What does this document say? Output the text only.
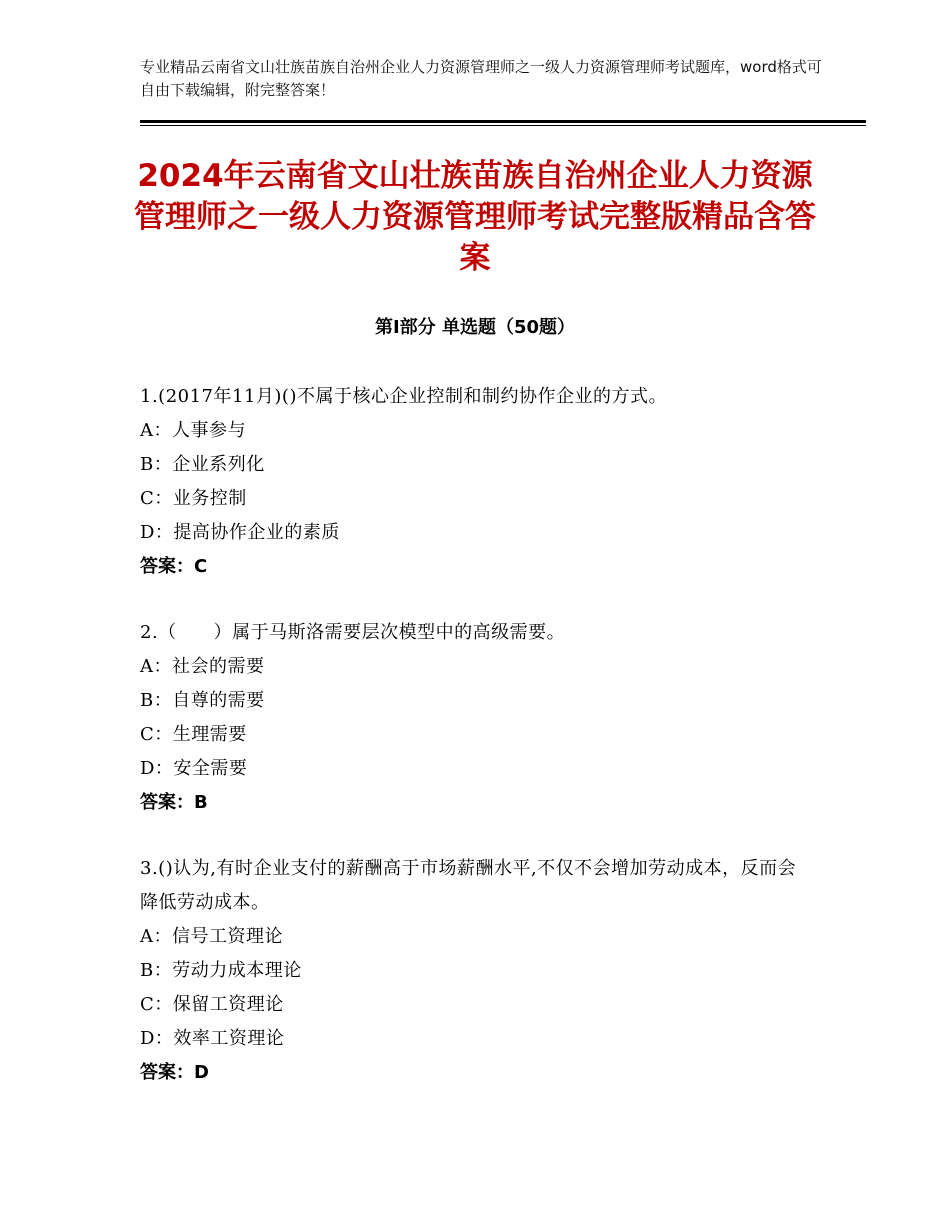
专业精品云南省文山壮族苗族自治州企业人力资源管理师之一级人力资源管理师考试题库，word格式可自由下载编辑，附完整答案！
2024年云南省文山壮族苗族自治州企业人力资源管理师之一级人力资源管理师考试完整版精品含答案
第Ⅰ部分 单选题（50题）

1.(2017年11月)()不属于核心企业控制和制约协作企业的方式。

A：人事参与

B：企业系列化

C：业务控制

D：提高协作企业的素质

答案：C

2.（　　）属于马斯洛需要层次模型中的高级需要。

A：社会的需要

B：自尊的需要

C：生理需要

D：安全需要

答案：B

3.()认为,有时企业支付的薪酬高于市场薪酬水平,不仅不会增加劳动成本，反而会降低劳动成本。

A：信号工资理论

B：劳动力成本理论

C：保留工资理论

D：效率工资理论

答案：D
